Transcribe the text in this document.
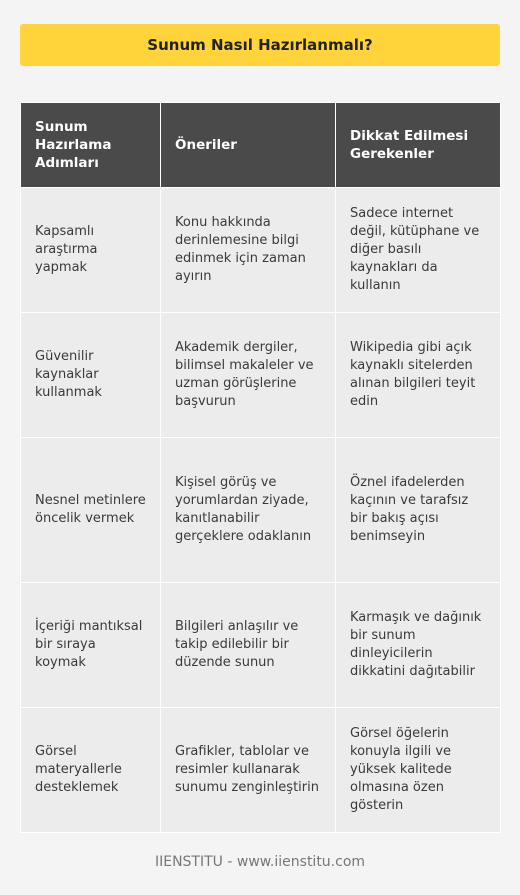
Sunum Nasıl Hazırlanmalı?
Sunum Hazırlama Adımları	Öneriler	Dikkat Edilmesi Gerekenler
Kapsamlı araştırma yapmak	Konu hakkında derinlemesine bilgi edinmek için zaman ayırın	Sadece internet değil, kütüphane ve diğer basılı kaynakları da kullanın
Güvenilir kaynaklar kullanmak	Akademik dergiler, bilimsel makaleler ve uzman görüşlerine başvurun	Wikipedia gibi açık kaynaklı sitelerden alınan bilgileri teyit edin
Nesnel metinlere öncelik vermek	Kişisel görüş ve yorumlardan ziyade, kanıtlanabilir gerçeklere odaklanın	Öznel ifadelerden kaçının ve tarafsız bir bakış açısı benimseyin
İçeriği mantıksal bir sıraya koymak	Bilgileri anlaşılır ve takip edilebilir bir düzende sunun	Karmaşık ve dağınık bir sunum dinleyicilerin dikkatini dağıtabilir
Görsel materyallerle desteklemek	Grafikler, tablolar ve resimler kullanarak sunumu zenginleştirin	Görsel öğelerin konuyla ilgili ve yüksek kalitede olmasına özen gösterin
IIENSTITU - www.iienstitu.com
